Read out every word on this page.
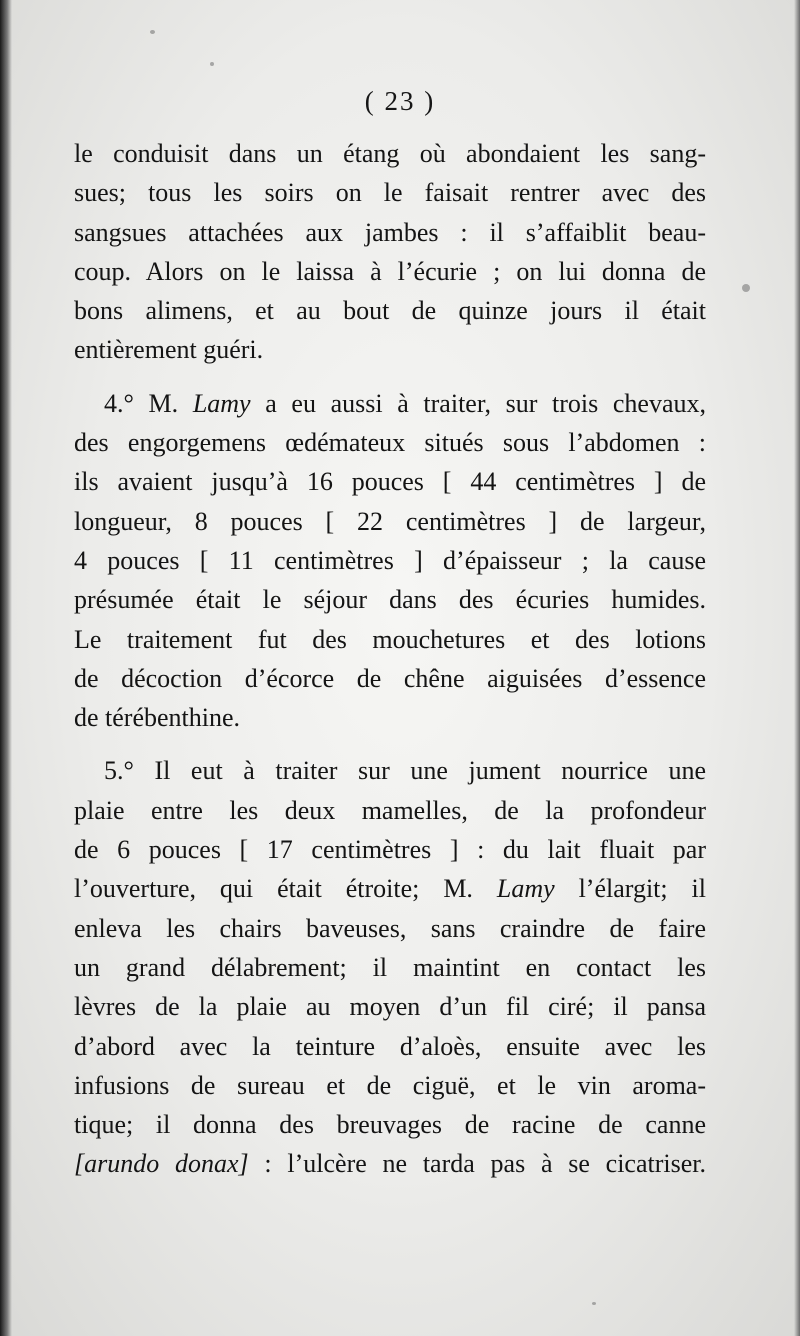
( 23 )

le conduisit dans un étang où abondaient les sang-
sues; tous les soirs on le faisait rentrer avec des
sangsues attachées aux jambes : il s’affaiblit beau-
coup. Alors on le laissa à l’écurie ; on lui donna de
bons alimens, et au bout de quinze jours il était
entièrement guéri.

4.° M. Lamy a eu aussi à traiter, sur trois chevaux,
des engorgemens œdémateux situés sous l’abdomen :
ils avaient jusqu’à 16 pouces [ 44 centimètres ] de
longueur, 8 pouces [ 22 centimètres ] de largeur,
4 pouces [ 11 centimètres ] d’épaisseur ; la cause
présumée était le séjour dans des écuries humides.
Le traitement fut des mouchetures et des lotions
de décoction d’écorce de chêne aiguisées d’essence
de térébenthine.

5.° Il eut à traiter sur une jument nourrice une
plaie entre les deux mamelles, de la profondeur
de 6 pouces [ 17 centimètres ] : du lait fluait par
l’ouverture, qui était étroite; M. Lamy l’élargit; il
enleva les chairs baveuses, sans craindre de faire
un grand délabrement; il maintint en contact les
lèvres de la plaie au moyen d’un fil ciré; il pansa
d’abord avec la teinture d’aloès, ensuite avec les
infusions de sureau et de ciguë, et le vin aroma-
tique; il donna des breuvages de racine de canne
[arundo donax] : l’ulcère ne tarda pas à se cicatriser.
